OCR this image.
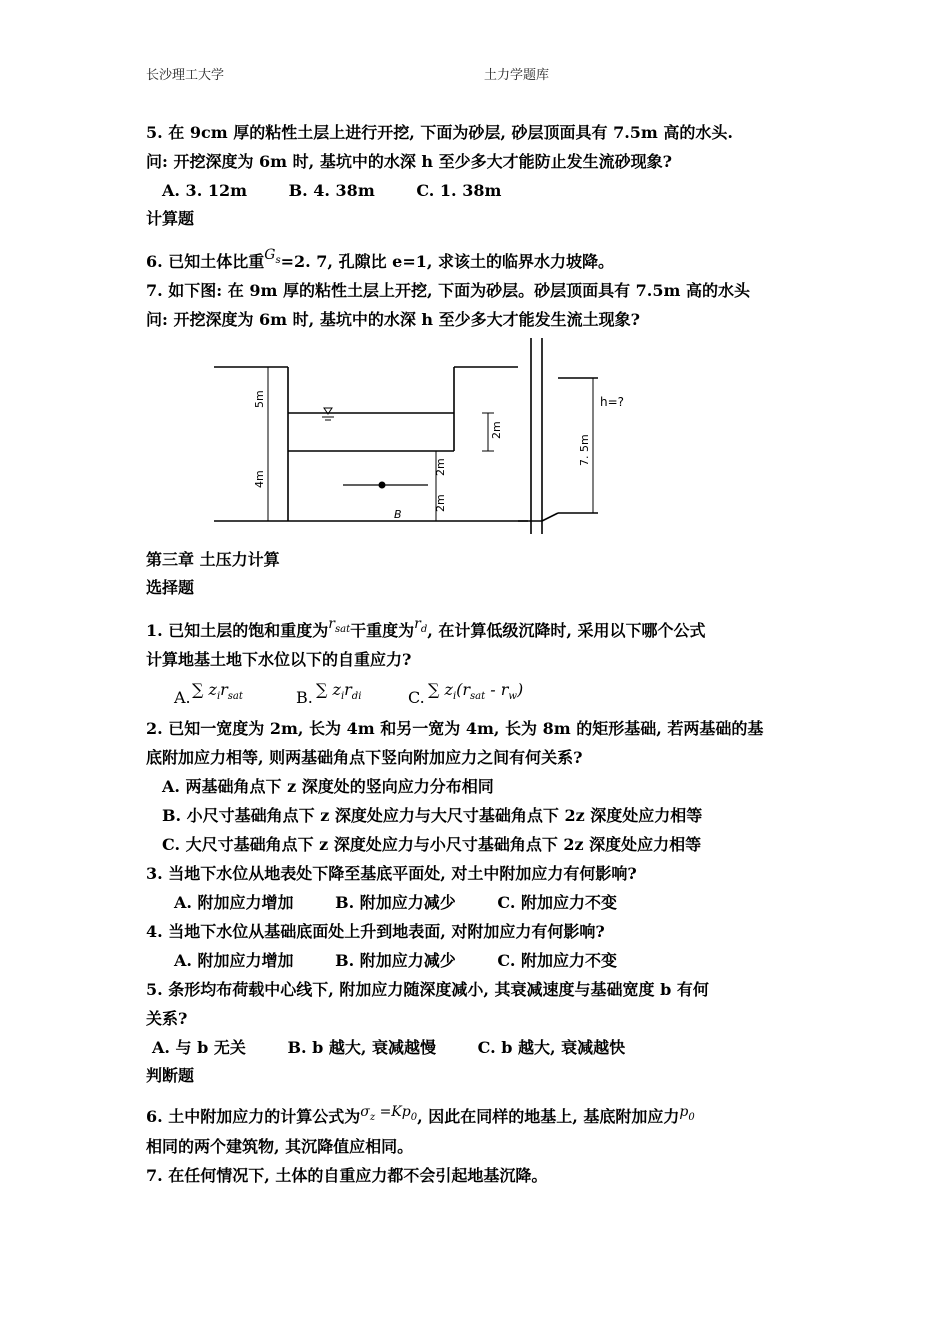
长沙理工大学	土力学题库
5. 在 9cm 厚的粘性土层上进行开挖, 下面为砂层, 砂层顶面具有 7.5m 高的水头.
问: 开挖深度为 6m 时, 基坑中的水深 h 至少多大才能防止发生流砂现象?
A. 3. 12m	B. 4. 38m	C. 1. 38m
计算题
6. 已知土体比重$G_s=2$. 7, 孔隙比 e=1, 求该土的临界水力坡降。
7. 如下图: 在 9m 厚的粘性土层上开挖, 下面为砂层。砂层顶面具有 7.5m 高的水头
问: 开挖深度为 6m 时, 基坑中的水深 h 至少多大才能发生流土现象?
5m
4m
2m
2m
2m
B
7. 5m
h=?
第三章 土压力计算
选择题
1. 已知土层的饱和重度为$r_{sat}$干重度为$r_d$, 在计算低级沉降时, 采用以下哪个公式
计算地基土地下水位以下的自重应力?
A. ∑ $z_ir_{sat}$	B. ∑ $z_ir_{di}$	C. ∑ $z_i(r_{sat} - r_w)$
2. 已知一宽度为 2m, 长为 4m 和另一宽为 4m, 长为 8m 的矩形基础, 若两基础的基
底附加应力相等, 则两基础角点下竖向附加应力之间有何关系?
A. 两基础角点下 z 深度处的竖向应力分布相同
B. 小尺寸基础角点下 z 深度处应力与大尺寸基础角点下 2z 深度处应力相等
C. 大尺寸基础角点下 z 深度处应力与小尺寸基础角点下 2z 深度处应力相等
3. 当地下水位从地表处下降至基底平面处, 对土中附加应力有何影响?
A. 附加应力增加	B. 附加应力减少	C. 附加应力不变
4. 当地下水位从基础底面处上升到地表面, 对附加应力有何影响?
A. 附加应力增加	B. 附加应力减少	C. 附加应力不变
5. 条形均布荷载中心线下, 附加应力随深度减小, 其衰减速度与基础宽度 b 有何
关系?
A. 与 b 无关	B. b 越大, 衰减越慢	C. b 越大, 衰减越快
判断题
6. 土中附加应力的计算公式为$\sigma_z =Kp_0$, 因此在同样的地基上, 基底附加应力$p_0$
相同的两个建筑物, 其沉降值应相同。
7. 在任何情况下, 土体的自重应力都不会引起地基沉降。
